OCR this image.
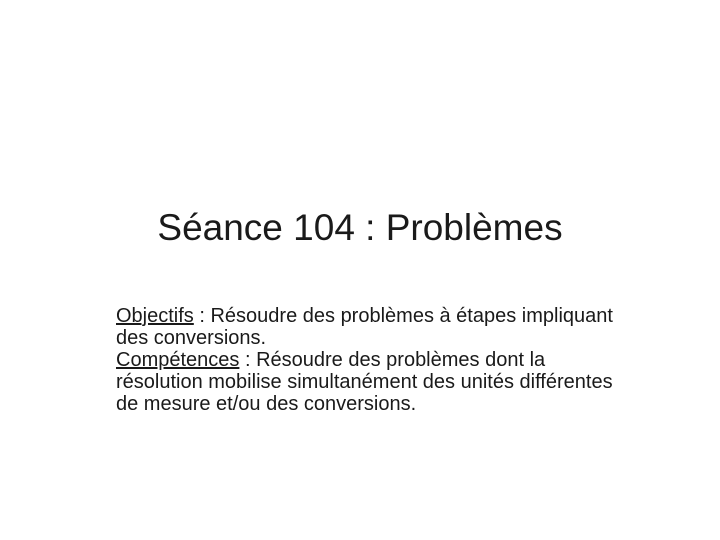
Séance 104 : Problèmes

Objectifs : Résoudre des problèmes à étapes impliquant des conversions.

Compétences : Résoudre des problèmes dont la résolution mobilise simultanément des unités différentes de mesure et/ou des conversions.
